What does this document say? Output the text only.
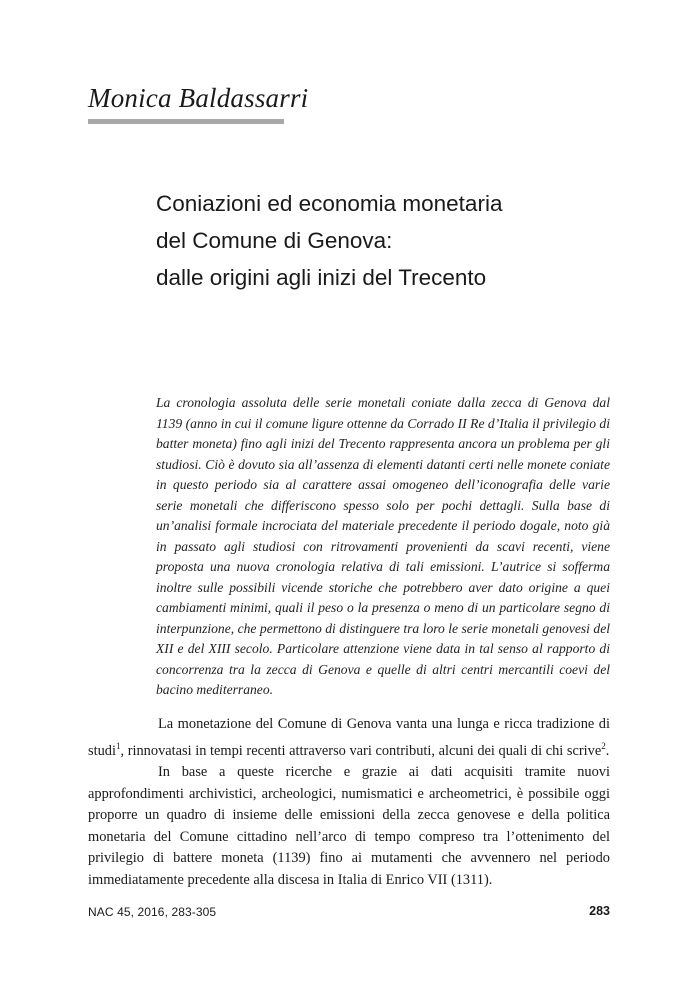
Monica Baldassarri
Coniazioni ed economia monetaria
del Comune di Genova:
dalle origini agli inizi del Trecento

La cronologia assoluta delle serie monetali coniate dalla zecca di Genova dal 1139 (anno in cui il comune ligure ottenne da Corrado II Re d’Italia il privilegio di batter moneta) fino agli inizi del Trecento rappresenta ancora un problema per gli studiosi. Ciò è dovuto sia all’assenza di elementi datanti certi nelle monete coniate in questo periodo sia al carattere assai omogeneo dell’iconografia delle varie serie monetali che differiscono spesso solo per pochi dettagli. Sulla base di un’analisi formale incrociata del materiale precedente il periodo dogale, noto già in passato agli studiosi con ritrovamenti provenienti da scavi recenti, viene proposta una nuova cronologia relativa di tali emissioni. L’autrice si sofferma inoltre sulle possibili vicende storiche che potrebbero aver dato origine a quei cambiamenti minimi, quali il peso o la presenza o meno di un particolare segno di interpunzione, che permettono di distinguere tra loro le serie monetali genovesi del XII e del XIII secolo. Particolare attenzione viene data in tal senso al rapporto di concorrenza tra la zecca di Genova e quelle di altri centri mercantili coevi del bacino mediterraneo.

La monetazione del Comune di Genova vanta una lunga e ricca tradizione di studi$^1$, rinnovatasi in tempi recenti attraverso vari contributi, alcuni dei quali di chi scrive$^2$.

In base a queste ricerche e grazie ai dati acquisiti tramite nuovi approfondimenti archivistici, archeologici, numismatici e archeometrici, è possibile oggi proporre un quadro di insieme delle emissioni della zecca genovese e della politica monetaria del Comune cittadino nell’arco di tempo compreso tra l’ottenimento del privilegio di battere moneta (1139) fino ai mutamenti che avvennero nel periodo immediatamente precedente alla discesa in Italia di Enrico VII (1311).

NAC 45, 2016, 283-305	283
